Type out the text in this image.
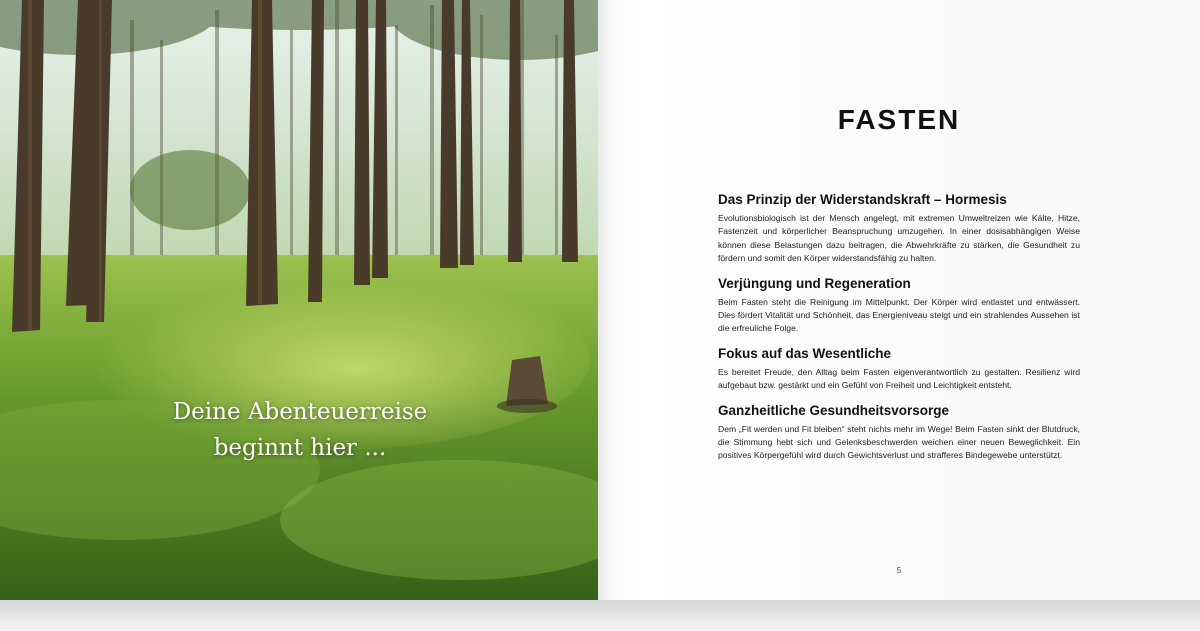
Deine Abenteuerreise
beginnt hier ...
FASTEN
Das Prinzip der Widerstandskraft – Hormesis

Evolutionsbiologisch ist der Mensch angelegt, mit extremen Umweltreizen wie Kälte, Hitze, Fastenzeit und körperlicher Beanspruchung umzugehen. In einer dosisabhängigen Weise können diese Belastungen dazu beitragen, die Abwehrkräfte zu stärken, die Gesundheit zu fördern und somit den Körper widerstandsfähig zu halten.

Verjüngung und Regeneration

Beim Fasten steht die Reinigung im Mittelpunkt. Der Körper wird entlastet und entwässert. Dies fördert Vitalität und Schönheit, das Energieniveau steigt und ein strahlendes Aussehen ist die erfreuliche Folge.

Fokus auf das Wesentliche

Es bereitet Freude, den Alltag beim Fasten eigenverantwortlich zu gestalten. Resilienz wird aufgebaut bzw. gestärkt und ein Gefühl von Freiheit und Leichtigkeit entsteht.

Ganzheitliche Gesundheitsvorsorge

Dem „Fit werden und Fit bleiben“ steht nichts mehr im Wege! Beim Fasten sinkt der Blutdruck, die Stimmung hebt sich und Gelenksbeschwerden weichen einer neuen Beweglichkeit. Ein positives Körpergefühl wird durch Gewichtsverlust und strafferes Bindegewebe unterstützt.

5
